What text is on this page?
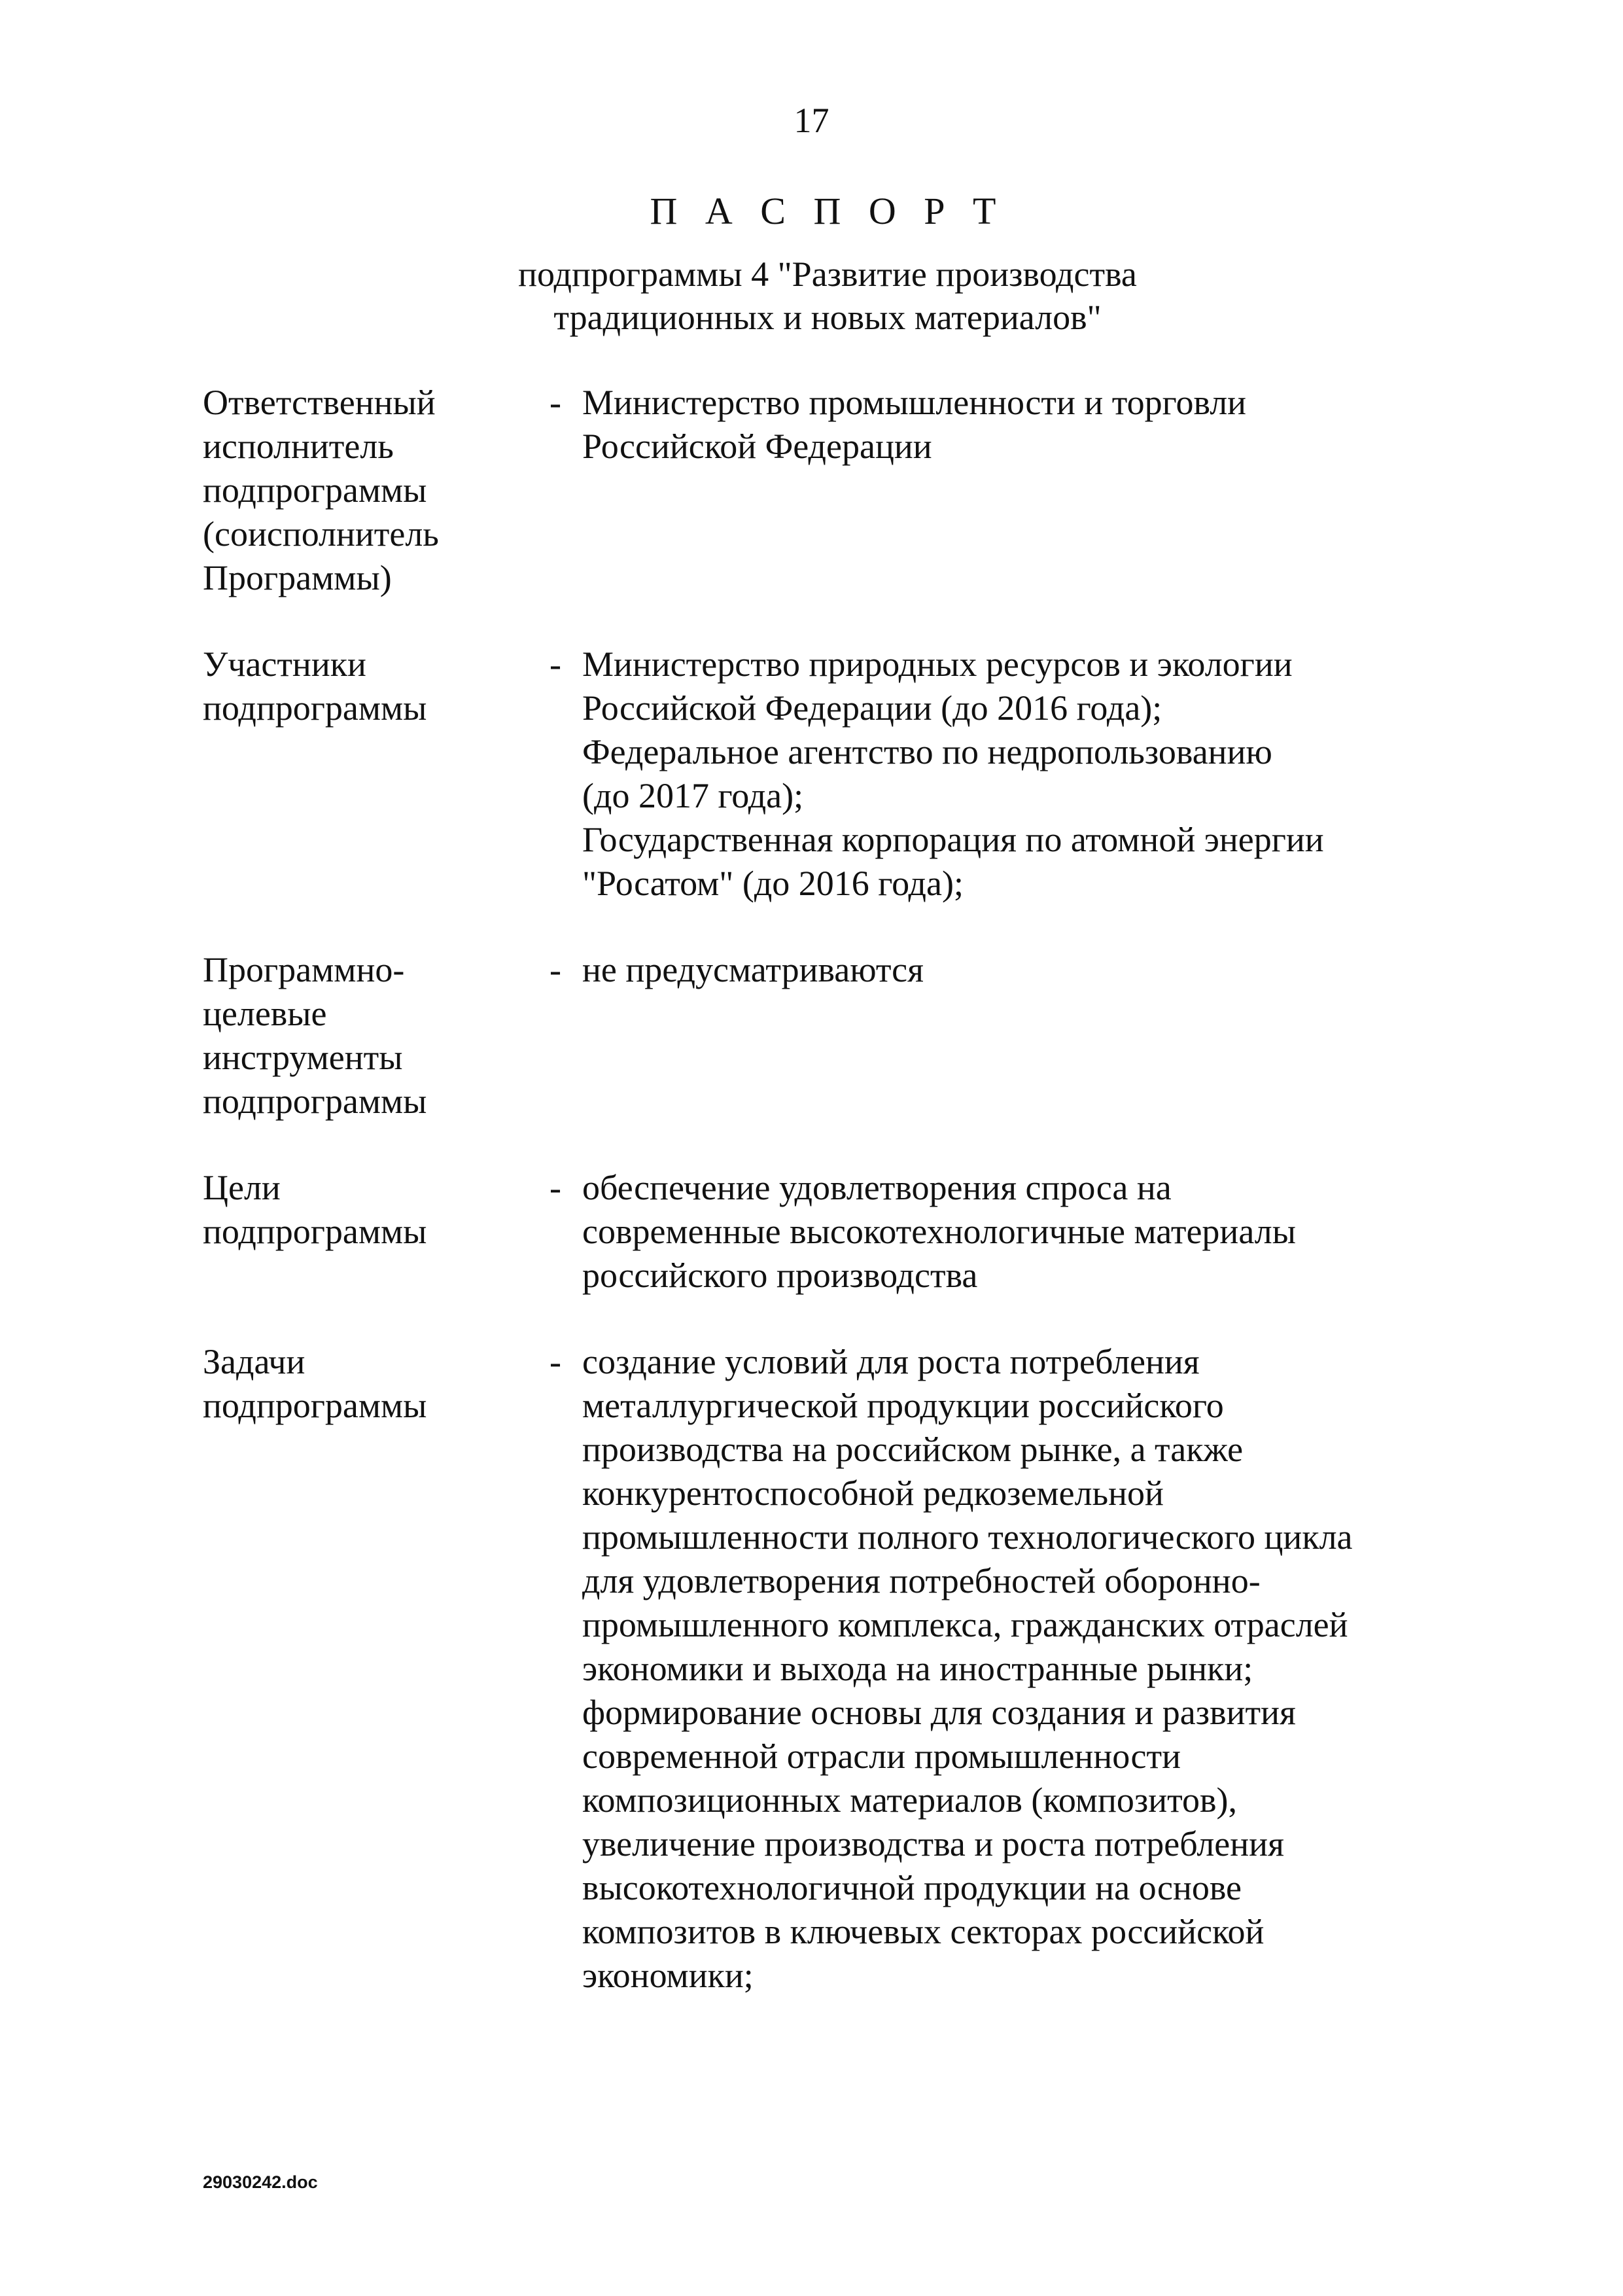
17
П А С П О Р Т
подпрограммы 4 "Развитие производства
традиционных и новых материалов"
Ответственный
исполнитель
подпрограммы
(соисполнитель
Программы)
- Министерство промышленности и торговли
Российской Федерации
Участники
подпрограммы
- Министерство природных ресурсов и экологии
Российской Федерации (до 2016 года);
Федеральное агентство по недропользованию
(до 2017 года);
Государственная корпорация по атомной энергии
"Росатом" (до 2016 года);
Программно-
целевые
инструменты
подпрограммы
- не предусматриваются
Цели
подпрограммы
- обеспечение удовлетворения спроса на
современные высокотехнологичные материалы
российского производства
Задачи
подпрограммы
- создание условий для роста потребления
металлургической продукции российского
производства на российском рынке, а также
конкурентоспособной редкоземельной
промышленности полного технологического цикла
для удовлетворения потребностей оборонно-
промышленного комплекса, гражданских отраслей
экономики и выхода на иностранные рынки;
формирование основы для создания и развития
современной отрасли промышленности
композиционных материалов (композитов),
увеличение производства и роста потребления
высокотехнологичной продукции на основе
композитов в ключевых секторах российской
экономики;
29030242.doc
